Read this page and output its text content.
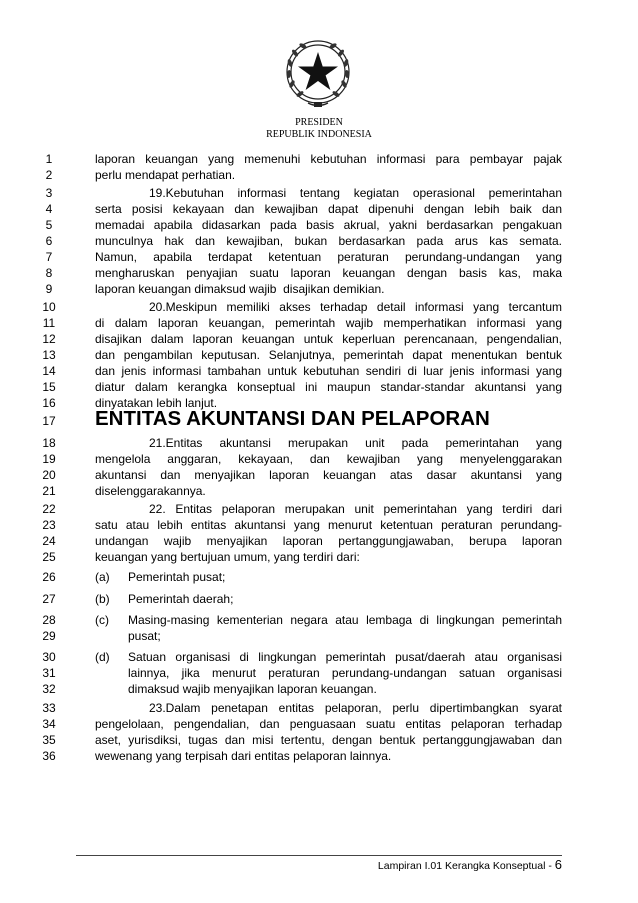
PRESIDEN
REPUBLIK INDONESIA
1
2
3
4
5
6
7
8
9
10
11
12
13
14
15
16
17
18
19
20
21
22
23
24
25
26
27
28
29
30
31
32
33
34
35
36
laporan keuangan yang memenuhi kebutuhan informasi para pembayar pajak
perlu mendapat perhatian.
19.Kebutuhan informasi tentang kegiatan operasional pemerintahan
serta posisi kekayaan dan kewajiban dapat dipenuhi dengan lebih baik dan
memadai apabila didasarkan pada basis akrual, yakni berdasarkan pengakuan
munculnya hak dan kewajiban, bukan berdasarkan pada arus kas semata.
Namun, apabila terdapat ketentuan peraturan perundang-undangan yang
mengharuskan penyajian suatu laporan keuangan dengan basis kas, maka
laporan keuangan dimaksud wajib  disajikan demikian.
20.Meskipun memiliki akses terhadap detail informasi yang tercantum
di dalam laporan keuangan, pemerintah wajib memperhatikan informasi yang
disajikan dalam laporan keuangan untuk keperluan perencanaan, pengendalian,
dan pengambilan keputusan. Selanjutnya, pemerintah dapat menentukan bentuk
dan jenis informasi tambahan untuk kebutuhan sendiri di luar jenis informasi yang
diatur dalam kerangka konseptual ini maupun standar-standar akuntansi yang
dinyatakan lebih lanjut.
ENTITAS AKUNTANSI DAN PELAPORAN
21.Entitas akuntansi merupakan unit pada pemerintahan yang
mengelola anggaran, kekayaan, dan kewajiban yang menyelenggarakan
akuntansi dan menyajikan laporan keuangan atas dasar akuntansi yang
diselenggarakannya.
22. Entitas pelaporan merupakan unit pemerintahan yang terdiri dari
satu atau lebih entitas akuntansi yang menurut ketentuan peraturan perundang-
undangan wajib menyajikan laporan pertanggungjawaban, berupa laporan
keuangan yang bertujuan umum, yang terdiri dari:
(a)	Pemerintah pusat;
(b)	Pemerintah daerah;
(c)	Masing-masing kementerian negara atau lembaga di lingkungan pemerintah
pusat;
(d)	Satuan organisasi di lingkungan pemerintah pusat/daerah atau organisasi
lainnya, jika menurut peraturan perundang-undangan satuan organisasi
dimaksud wajib menyajikan laporan keuangan.
23.Dalam penetapan entitas pelaporan, perlu dipertimbangkan syarat
pengelolaan, pengendalian, dan penguasaan suatu entitas pelaporan terhadap
aset, yurisdiksi, tugas dan misi tertentu, dengan bentuk pertanggungjawaban dan
wewenang yang terpisah dari entitas pelaporan lainnya.
Lampiran I.01 Kerangka Konseptual - 6
